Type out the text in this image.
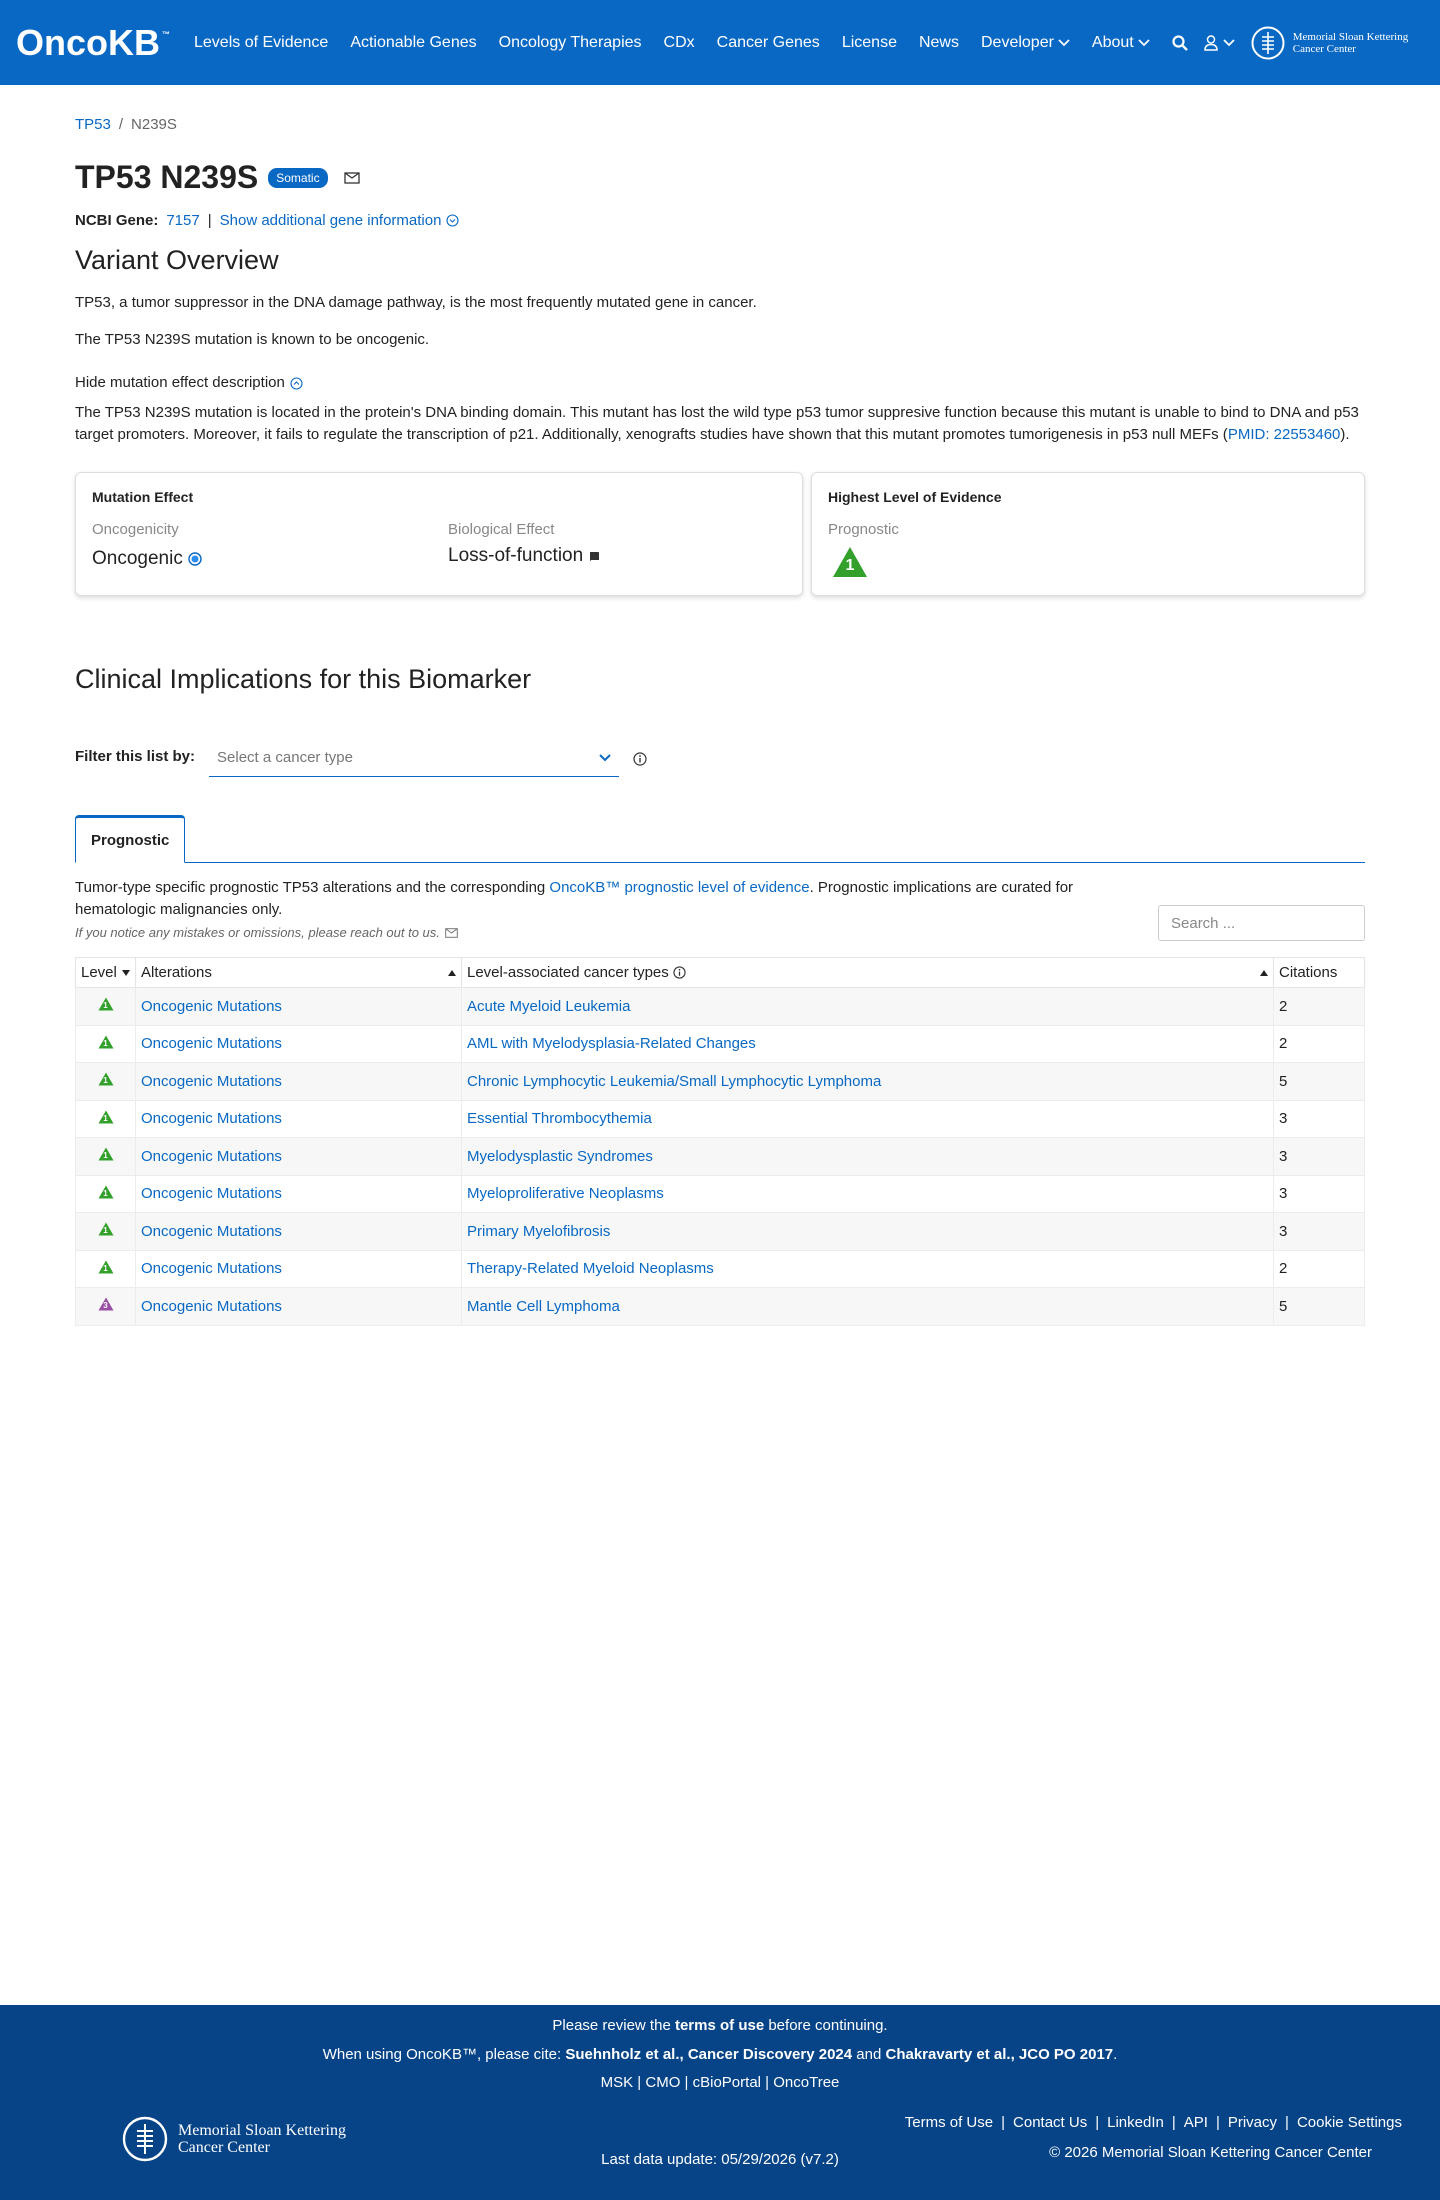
OncoKB ™ Levels of Evidence Actionable Genes Oncology Therapies CDx Cancer Genes License News Developer About	Memorial Sloan Kettering
Cancer Center
TP53 / N239S
TP53 N239S	Somatic
NCBI Gene: 7157 | Show additional gene information
Variant Overview

TP53, a tumor suppressor in the DNA damage pathway, is the most frequently mutated gene in cancer.

The TP53 N239S mutation is known to be oncogenic.

Hide mutation effect description

The TP53 N239S mutation is located in the protein's DNA binding domain. This mutant has lost the wild type p53 tumor suppresive function because this mutant is unable to bind to DNA and p53 target promoters. Moreover, it fails to regulate the transcription of p21. Additionally, xenografts studies have shown that this mutant promotes tumorigenesis in p53 null MEFs (PMID: 22553460).

Mutation Effect
Oncogenicity
Oncogenic
Biological Effect
Loss-of-function
Highest Level of Evidence
Prognostic
1
Clinical Implications for this Biomarker
Filter this list by: Select a cancer type
Prognostic

Tumor-type specific prognostic TP53 alterations and the corresponding OncoKB™ prognostic level of evidence. Prognostic implications are curated for hematologic malignancies only.

If you notice any mistakes or omissions, please reach out to us.
Search ...
Level	Alterations	Level-associated cancer types	Citations

1	Oncogenic Mutations	Acute Myeloid Leukemia	2

1	Oncogenic Mutations	AML with Myelodysplasia-Related Changes	2

1	Oncogenic Mutations	Chronic Lymphocytic Leukemia/Small Lymphocytic Lymphoma	5

1	Oncogenic Mutations	Essential Thrombocythemia	3

1	Oncogenic Mutations	Myelodysplastic Syndromes	3

1	Oncogenic Mutations	Myeloproliferative Neoplasms	3

1	Oncogenic Mutations	Primary Myelofibrosis	3

1	Oncogenic Mutations	Therapy-Related Myeloid Neoplasms	2

3	Oncogenic Mutations	Mantle Cell Lymphoma	5
Please review the terms of use before continuing.
When using OncoKB™, please cite: Suehnholz et al., Cancer Discovery 2024 and Chakravarty et al., JCO PO 2017.
MSK | CMO | cBioPortal | OncoTree
Memorial Sloan Kettering
Cancer Center
Last data update: 05/29/2026 (v7.2)
Terms of Use | Contact Us | LinkedIn | API | Privacy | Cookie Settings
© 2026 Memorial Sloan Kettering Cancer Center
